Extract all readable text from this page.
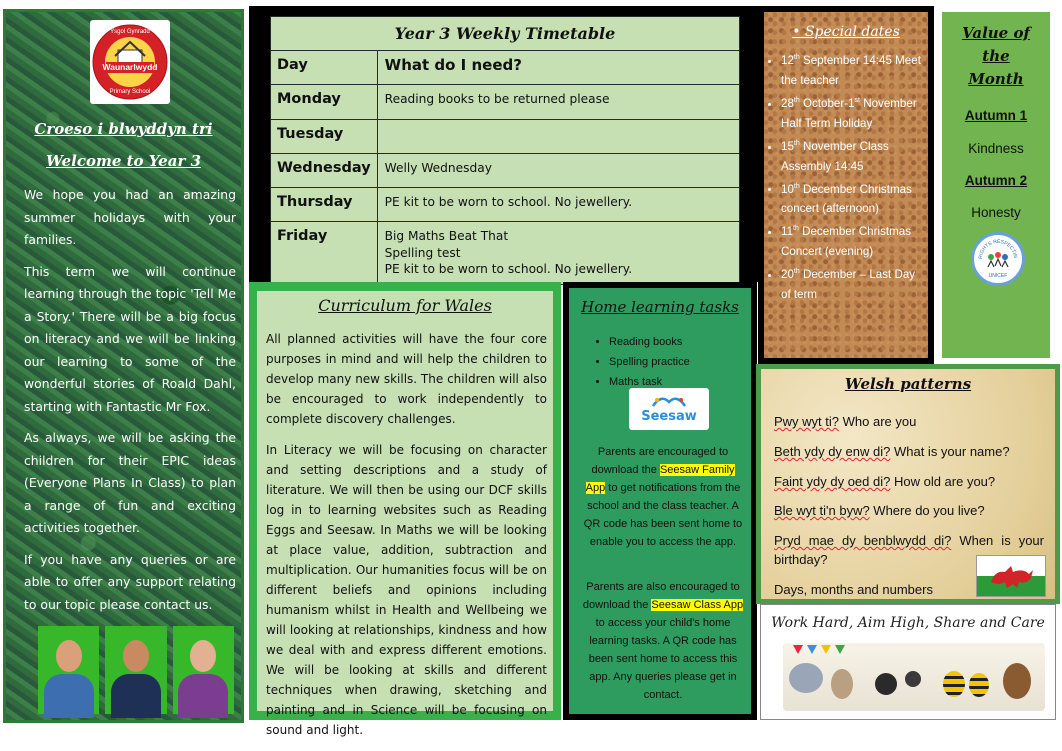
Waunarlwydd
Ysgol Gynradd
Primary School
Croeso i blwyddyn tri
Welcome to Year 3

We hope you had an amazing summer holidays with your families.

This term we will continue learning through the topic 'Tell Me a Story.' There will be a big focus on literacy and we will be linking our learning to some of the wonderful stories of Roald Dahl, starting with Fantastic Mr Fox.

As always, we will be asking the children for their EPIC ideas (Everyone Plans In Class) to plan a range of fun and exciting activities together.

If you have any queries or are able to offer any support relating to our topic please contact us.

Year 3 Weekly Timetable	
Day	What do I need?
Monday	Reading books to be returned please
Tuesday	
Wednesday	Welly Wednesday
Thursday	PE kit to be worn to school. No jewellery.
Friday	Big Maths Beat That
Spelling test
PE kit to be worn to school. No jewellery.
Curriculum for Wales

All planned activities will have the four core purposes in mind and will help the children to develop many new skills. The children will also be encouraged to work independently to complete discovery challenges.

In Literacy we will be focusing on character and setting descriptions and a study of literature. We will then be using our DCF skills log in to learning websites such as Reading Eggs and Seesaw. In Maths we will be looking at place value, addition, subtraction and multiplication. Our humanities focus will be on different beliefs and opinions including humanism whilst in Health and Wellbeing we will looking at relationships, kindness and how we deal with and express different emotions. We will be looking at skills and different techniques when drawing, sketching and painting and in Science will be focusing on sound and light.

Home learning tasks
• Reading books
• Spelling practice
• Maths task
Seesaw
Parents are encouraged to download the Seesaw Family App to get notifications from the school and the class teacher. A QR code has been sent home to enable you to access the app.
Parents are also encouraged to download the Seesaw Class App to access your child's home learning tasks. A QR code has been sent home to access this app. Any queries please get in contact.
• Special dates
• 12th September 14:45 Meet the teacher
• 28th October-1st November Half Term Holiday
• 15th November Class Assembly 14:45
• 10th December Christmas concert (afternoon)
• 11th December Christmas Concert (evening)
• 20th December – Last Day of term
Value of
the
Month
Autumn 1
Kindness
Autumn 2
Honesty
RIGHTS RESPECTIN
UNICEF
Welsh patterns
Pwy wyt ti? Who are you
Beth ydy dy enw di? What is your name?
Faint ydy dy oed di? How old are you?
Ble wyt ti'n byw? Where do you live?
Pryd mae dy benblwydd di? When is your birthday?
Days, months and numbers
Work Hard, Aim High, Share and Care
